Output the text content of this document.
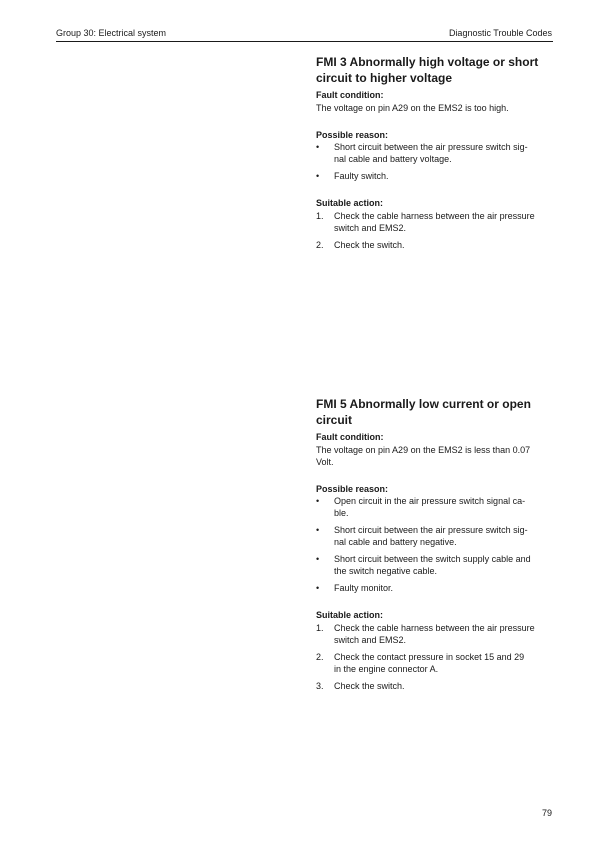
Group 30: Electrical system	Diagnostic Trouble Codes
FMI 3 Abnormally high voltage or short
circuit to higher voltage
Fault condition:
The voltage on pin A29 on the EMS2 is too high.
Possible reason:
• Short circuit between the air pressure switch sig-
nal cable and battery voltage.
• Faulty switch.
Suitable action:
1. Check the cable harness between the air pressure
switch and EMS2.
2. Check the switch.
FMI 5 Abnormally low current or open
circuit
Fault condition:
The voltage on pin A29 on the EMS2 is less than 0.07
Volt.
Possible reason:
• Open circuit in the air pressure switch signal ca-
ble.
• Short circuit between the air pressure switch sig-
nal cable and battery negative.
• Short circuit between the switch supply cable and
the switch negative cable.
• Faulty monitor.
Suitable action:
1. Check the cable harness between the air pressure
switch and EMS2.
2. Check the contact pressure in socket 15 and 29
in the engine connector A.
3. Check the switch.
79
